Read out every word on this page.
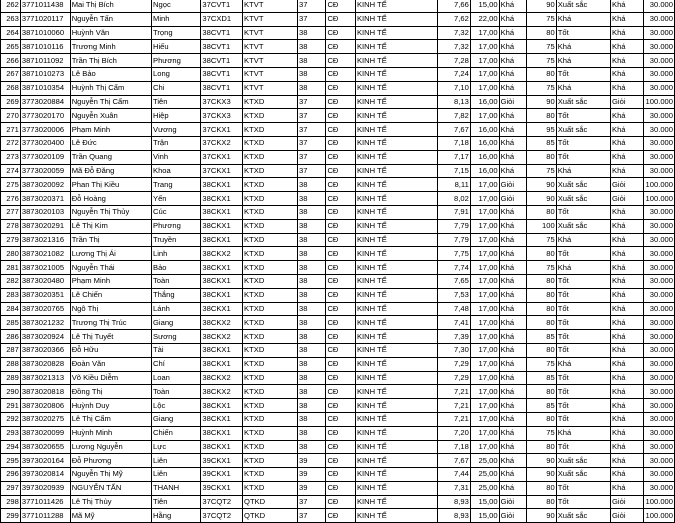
262	3771011438	Mai Thị Bích	Ngọc	37CVT1	KTVT	37	CĐ	KINH TẾ	7,66	15,00	Khá	90	Xuất sắc	Khá	30.000
263	3771020117	Nguyễn Tấn	Minh	37CXD1	KTVT	37	CĐ	KINH TẾ	7,62	22,00	Khá	75	Khá	Khá	30.000
264	3871010060	Huỳnh Văn	Trọng	38CVT1	KTVT	38	CĐ	KINH TẾ	7,32	17,00	Khá	80	Tốt	Khá	30.000
265	3871010116	Trương Minh	Hiếu	38CVT1	KTVT	38	CĐ	KINH TẾ	7,32	17,00	Khá	75	Khá	Khá	30.000
266	3871011092	Trần Thị Bích	Phương	38CVT1	KTVT	38	CĐ	KINH TẾ	7,28	17,00	Khá	75	Khá	Khá	30.000
267	3871010273	Lê Bảo	Long	38CVT1	KTVT	38	CĐ	KINH TẾ	7,24	17,00	Khá	80	Tốt	Khá	30.000
268	3871010354	Huỳnh Thị Cẩm	Chi	38CVT1	KTVT	38	CĐ	KINH TẾ	7,10	17,00	Khá	75	Khá	Khá	30.000
269	3773020884	Nguyễn Thị Cẩm	Tiên	37CKX3	KTXD	37	CĐ	KINH TẾ	8,13	16,00	Giỏi	90	Xuất sắc	Giỏi	100.000
270	3773020170	Nguyễn Xuân	Hiệp	37CKX3	KTXD	37	CĐ	KINH TẾ	7,82	17,00	Khá	80	Tốt	Khá	30.000
271	3773020006	Phạm Minh	Vương	37CKX1	KTXD	37	CĐ	KINH TẾ	7,67	16,00	Khá	95	Xuất sắc	Khá	30.000
272	3773020400	Lê Đức	Trận	37CKX2	KTXD	37	CĐ	KINH TẾ	7,18	16,00	Khá	85	Tốt	Khá	30.000
273	3773020109	Trần Quang	Vinh	37CKX1	KTXD	37	CĐ	KINH TẾ	7,17	16,00	Khá	80	Tốt	Khá	30.000
274	3773020059	Mã Đỗ Đăng	Khoa	37CKX1	KTXD	37	CĐ	KINH TẾ	7,15	16,00	Khá	75	Khá	Khá	30.000
275	3873020092	Phan Thị Kiều	Trang	38CKX1	KTXD	38	CĐ	KINH TẾ	8,11	17,00	Giỏi	90	Xuất sắc	Giỏi	100.000
276	3873020371	Đỗ Hoàng	Yến	38CKX1	KTXD	38	CĐ	KINH TẾ	8,02	17,00	Giỏi	90	Xuất sắc	Giỏi	100.000
277	3873020103	Nguyễn Thị Thủy	Cúc	38CKX1	KTXD	38	CĐ	KINH TẾ	7,91	17,00	Khá	80	Tốt	Khá	30.000
278	3873020291	Lê Thị Kim	Phương	38CKX1	KTXD	38	CĐ	KINH TẾ	7,79	17,00	Khá	100	Xuất sắc	Khá	30.000
279	3873021316	Trần Thị	Truyền	38CKX1	KTXD	38	CĐ	KINH TẾ	7,79	17,00	Khá	75	Khá	Khá	30.000
280	3873021082	Lương Thị Ái	Linh	38CKX2	KTXD	38	CĐ	KINH TẾ	7,75	17,00	Khá	80	Tốt	Khá	30.000
281	3873021005	Nguyễn Thái	Bảo	38CKX1	KTXD	38	CĐ	KINH TẾ	7,74	17,00	Khá	75	Khá	Khá	30.000
282	3873020480	Phạm Minh	Toàn	38CKX1	KTXD	38	CĐ	KINH TẾ	7,65	17,00	Khá	80	Tốt	Khá	30.000
283	3873020351	Lê Chiến	Thắng	38CKX1	KTXD	38	CĐ	KINH TẾ	7,53	17,00	Khá	80	Tốt	Khá	30.000
284	3873020765	Ngô Thị	Lánh	38CKX1	KTXD	38	CĐ	KINH TẾ	7,48	17,00	Khá	80	Tốt	Khá	30.000
285	3873021232	Trương Thị Trúc	Giang	38CKX2	KTXD	38	CĐ	KINH TẾ	7,41	17,00	Khá	80	Tốt	Khá	30.000
286	3873020924	Lê Thị Tuyết	Sương	38CKX2	KTXD	38	CĐ	KINH TẾ	7,39	17,00	Khá	85	Tốt	Khá	30.000
287	3873020366	Đỗ Hữu	Tài	38CKX1	KTXD	38	CĐ	KINH TẾ	7,30	17,00	Khá	80	Tốt	Khá	30.000
288	3873020828	Đoàn Văn	Chí	38CKX1	KTXD	38	CĐ	KINH TẾ	7,29	17,00	Khá	75	Khá	Khá	30.000
289	3873021313	Võ Kiều Diễm	Loan	38CKX2	KTXD	38	CĐ	KINH TẾ	7,29	17,00	Khá	85	Tốt	Khá	30.000
290	3873020818	Đồng Thị	Toàn	38CKX2	KTXD	38	CĐ	KINH TẾ	7,21	17,00	Khá	80	Tốt	Khá	30.000
291	3873020806	Huỳnh Duy	Lộc	38CKX1	KTXD	38	CĐ	KINH TẾ	7,21	17,00	Khá	85	Tốt	Khá	30.000
292	3873020275	Lê Thị Cẩm	Giang	38CKX1	KTXD	38	CĐ	KINH TẾ	7,21	17,00	Khá	80	Tốt	Khá	30.000
293	3873020099	Huỳnh Minh	Chiến	38CKX1	KTXD	38	CĐ	KINH TẾ	7,20	17,00	Khá	75	Khá	Khá	30.000
294	3873020655	Lương Nguyễn	Lực	38CKX1	KTXD	38	CĐ	KINH TẾ	7,18	17,00	Khá	80	Tốt	Khá	30.000
295	3973020164	Đỗ Phương	Liên	39CKX1	KTXD	39	CĐ	KINH TẾ	7,67	25,00	Khá	90	Xuất sắc	Khá	30.000
296	3973020814	Nguyễn Thị Mỹ	Liên	39CKX1	KTXD	39	CĐ	KINH TẾ	7,44	25,00	Khá	90	Xuất sắc	Khá	30.000
297	3973020939	NGUYỄN TẤN	THANH	39CKX1	KTXD	39	CĐ	KINH TẾ	7,31	25,00	Khá	80	Tốt	Khá	30.000
298	3771011426	Lê Thị Thùy	Tiên	37CQT2	QTKD	37	CĐ	KINH TẾ	8,93	15,00	Giỏi	80	Tốt	Giỏi	100.000
299	3771011288	Mã Mỹ	Hằng	37CQT2	QTKD	37	CĐ	KINH TẾ	8,93	15,00	Giỏi	90	Xuất sắc	Giỏi	100.000
